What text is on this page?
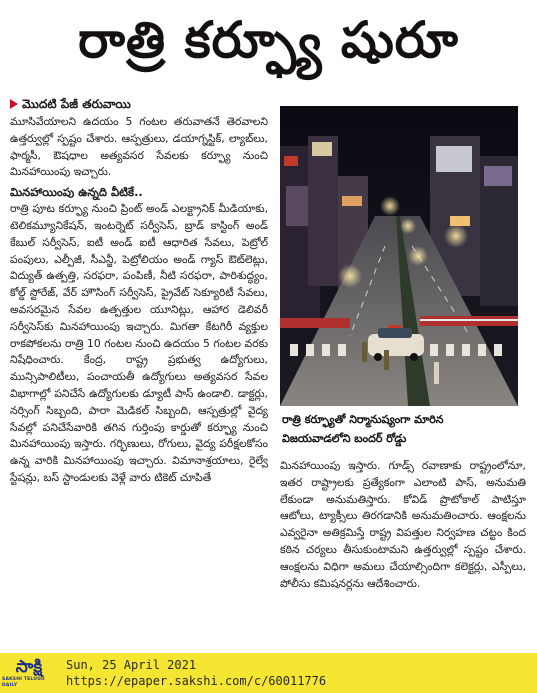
రాత్రి కర్ఫ్యూ షురూ
మొదటి పేజీ తరువాయి

మూసివేయాలని ఉదయం 5 గంటల తరువాతనే తెరవాలని ఉత్తర్వుల్లో స్పష్టం చేశారు. ఆస్పత్రులు, డయాగ్నస్టిక్‌, ల్యాబ్‌లు, ఫార్మసీ, ఔషధాల అత్యవసర సేవలకు కర్ఫ్యూ నుంచి మినహాయింపు ఇచ్చారు.

మినహాయింపు ఉన్నది వీటికే..

రాత్రి పూట కర్ఫ్యూ నుంచి ప్రింట్‌ అండ్‌ ఎలక్ట్రానిక్‌ మీడియాకు, టెలికమ్యూనికేషన్‌, ఇంటర్నెట్‌ సర్వీసెస్‌, బ్రాడ్‌ కాస్టింగ్‌ అండ్‌ కేబుల్‌ సర్వీసెస్‌, ఐటీ అండ్‌ ఐటీ ఆధారిత సేవలు, పెట్రోల్‌ పంపులు, ఎల్పీజీ, సీఎన్జీ, పెట్రోలియం అండ్‌ గ్యాస్‌ ఔట్‌లెట్లు, విద్యుత్‌ ఉత్పత్తి, సరఫరా, పంపిణీ, నీటి సరఫరా, పారిశుద్ధ్యం, కోల్డ్‌ స్టోరేజ్‌, వేర్‌ హౌసింగ్‌ సర్వీసెస్‌, ప్రైవేట్‌ సెక్యూరిటీ సేవలు, అవసరమైన సేవల ఉత్పత్తుల యూనిట్లు, ఆహార డెలివరీ సర్వీసెస్‌కు మినహాయింపు ఇచ్చారు. మిగతా కేటగిరీ వ్యక్తుల రాకపోకలను రాత్రి 10 గంటల నుంచి ఉదయం 5 గంటల వరకు నిషేధించారు. కేంద్ర, రాష్ట్ర ప్రభుత్వ ఉద్యోగులు, మున్సిపాలిటీలు, పంచాయతీ ఉద్యోగులు అత్యవసర సేవల విభాగాల్లో పనిచేసే ఉద్యోగులకు డ్యూటీ పాస్‌ ఉండాలి. డాక్టర్లు, నర్సింగ్‌ సిబ్బంది, పారా మెడికల్‌ సిబ్బంది, ఆస్పత్రుల్లో వైద్య సేవల్లో పనిచేసేవారికి తగిన గుర్తింపు కార్డుతో కర్ఫ్యూ నుంచి మినహాయింపు ఇస్తారు. గర్భిణులు, రోగులు, వైద్య పరీక్షలకోసం ఉన్న వారికి మినహాయింపు ఇచ్చారు. విమానాశ్రయాలు, రైల్వే స్టేషన్లు, బస్‌ స్టాండులకు వెళ్లే వారు టికెట్‌ చూపితే

రాత్రి కర్ఫ్యూతో నిర్మానుష్యంగా మారిన
విజయవాడలోని బందర్‌ రోడ్డు

మినహాయింపు ఇస్తారు. గూడ్స్‌ రవాణాకు రాష్ట్రంలోనూ, ఇతర రాష్ట్రాలకు ప్రత్యేకంగా ఎలాంటి పాస్‌, అనుమతి లేకుండా అనుమతిస్తారు. కోవిడ్‌ ప్రొటోకాల్‌ పాటిస్తూ ఆటోలు, ట్యాక్సీలు తిరగడానికి అనుమతించారు. ఆంక్షలను ఎవ్వరైనా అతిక్రమిస్తే రాష్ట్ర విపత్తుల నిర్వహణ చట్టం కింద కఠిన చర్యలు తీసుకుంటామని ఉత్తర్వుల్లో స్పష్టం చేశారు. ఆంక్షలను విధిగా అమలు చేయాల్సిందిగా కలెక్టర్లు, ఎస్పీలు, పోలీసు కమిషనర్లను ఆదేశించారు.

సాక్షి
SAKSHI TELUGU DAILY
Sun, 25 April 2021
https://epaper.sakshi.com/c/60011776
